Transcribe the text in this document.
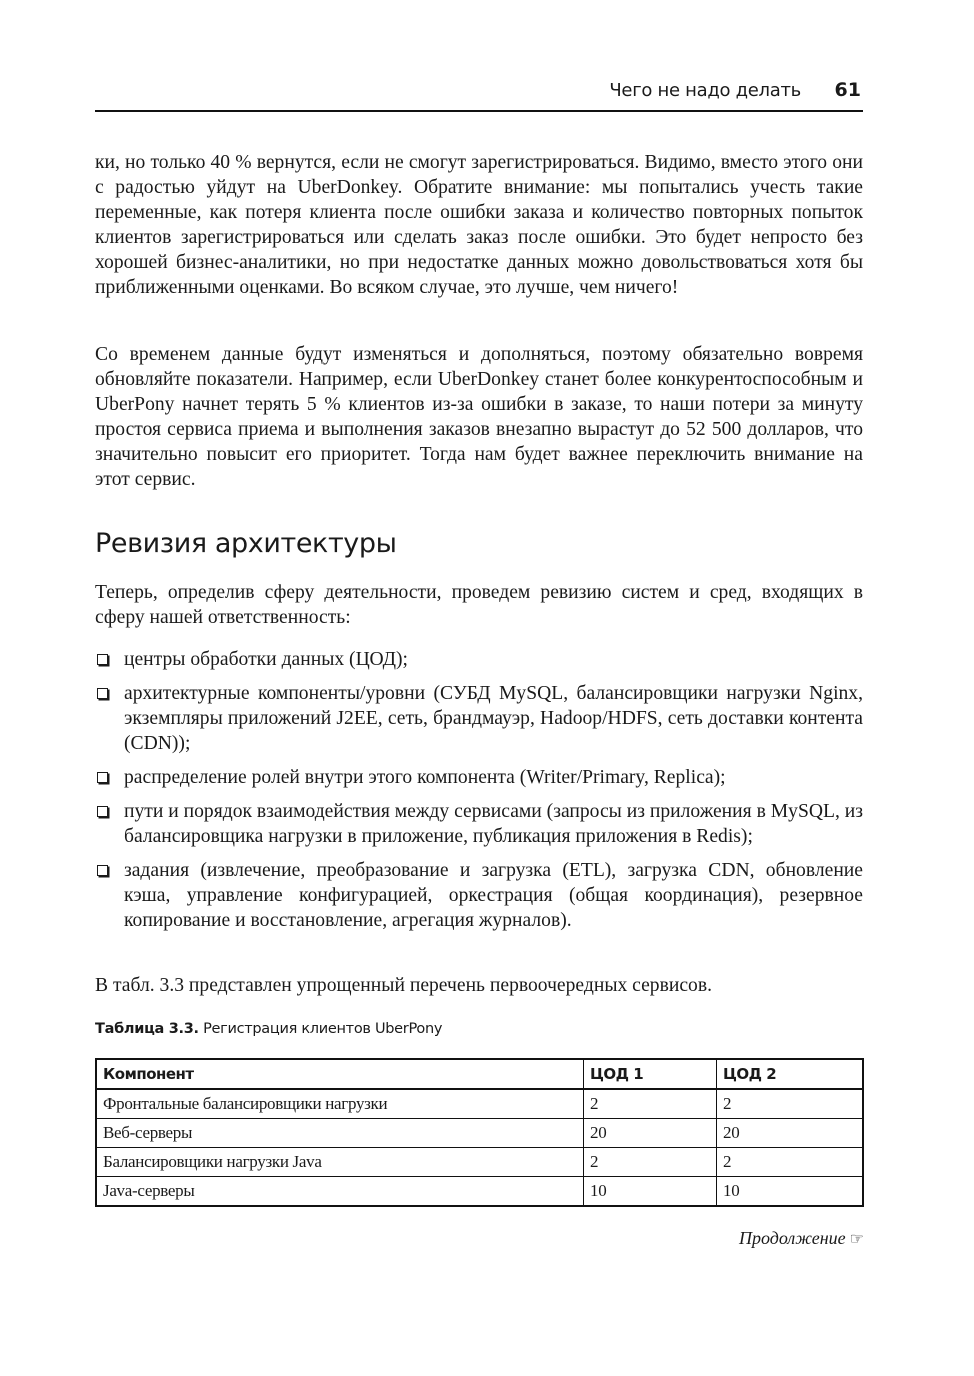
Чего не надо делать 61

ки, но только 40 % вернутся, если не смогут зарегистрироваться. Видимо, вместо этого они с радостью уйдут на UberDonkey. Обратите внимание: мы попытались учесть такие переменные, как потеря клиента после ошибки заказа и количество повторных попыток клиентов зарегистрироваться или сделать заказ после ошибки. Это будет непросто без хорошей бизнес-аналитики, но при недостатке данных можно довольствоваться хотя бы приближенными оценками. Во всяком случае, это лучше, чем ничего!

Со временем данные будут изменяться и дополняться, поэтому обязательно вовремя обновляйте показатели. Например, если UberDonkey станет более конкурентоспособным и UberPony начнет терять 5 % клиентов из-за ошибки в заказе, то наши потери за минуту простоя сервиса приема и выполнения заказов внезапно вырастут до 52 500 долларов, что значительно повысит его приоритет. Тогда нам будет важнее переключить внимание на этот сервис.

Ревизия архитектуры

Теперь, определив сферу деятельности, проведем ревизию систем и сред, входящих в сферу нашей ответственность:

центры обработки данных (ЦОД);
архитектурные компоненты/уровни (СУБД MySQL, балансировщики нагрузки Nginx, экземпляры приложений J2EE, сеть, брандмауэр, Hadoop/HDFS, сеть доставки контента (CDN));
распределение ролей внутри этого компонента (Writer/Primary, Replica);
пути и порядок взаимодействия между сервисами (запросы из приложения в MySQL, из балансировщика нагрузки в приложение, публикация приложения в Redis);
задания (извлечение, преобразование и загрузка (ETL), загрузка CDN, обновление кэша, управление конфигурацией, оркестрация (общая координация), резервное копирование и восстановление, агрегация журналов).

В табл. 3.3 представлен упрощенный перечень первоочередных сервисов.

Таблица 3.3. Регистрация клиентов UberPony
Компонент	ЦОД 1	ЦОД 2
Фронтальные балансировщики нагрузки	2	2
Веб-серверы	20	20
Балансировщики нагрузки Java	2	2
Java-серверы	10	10
Продолжение ☞
